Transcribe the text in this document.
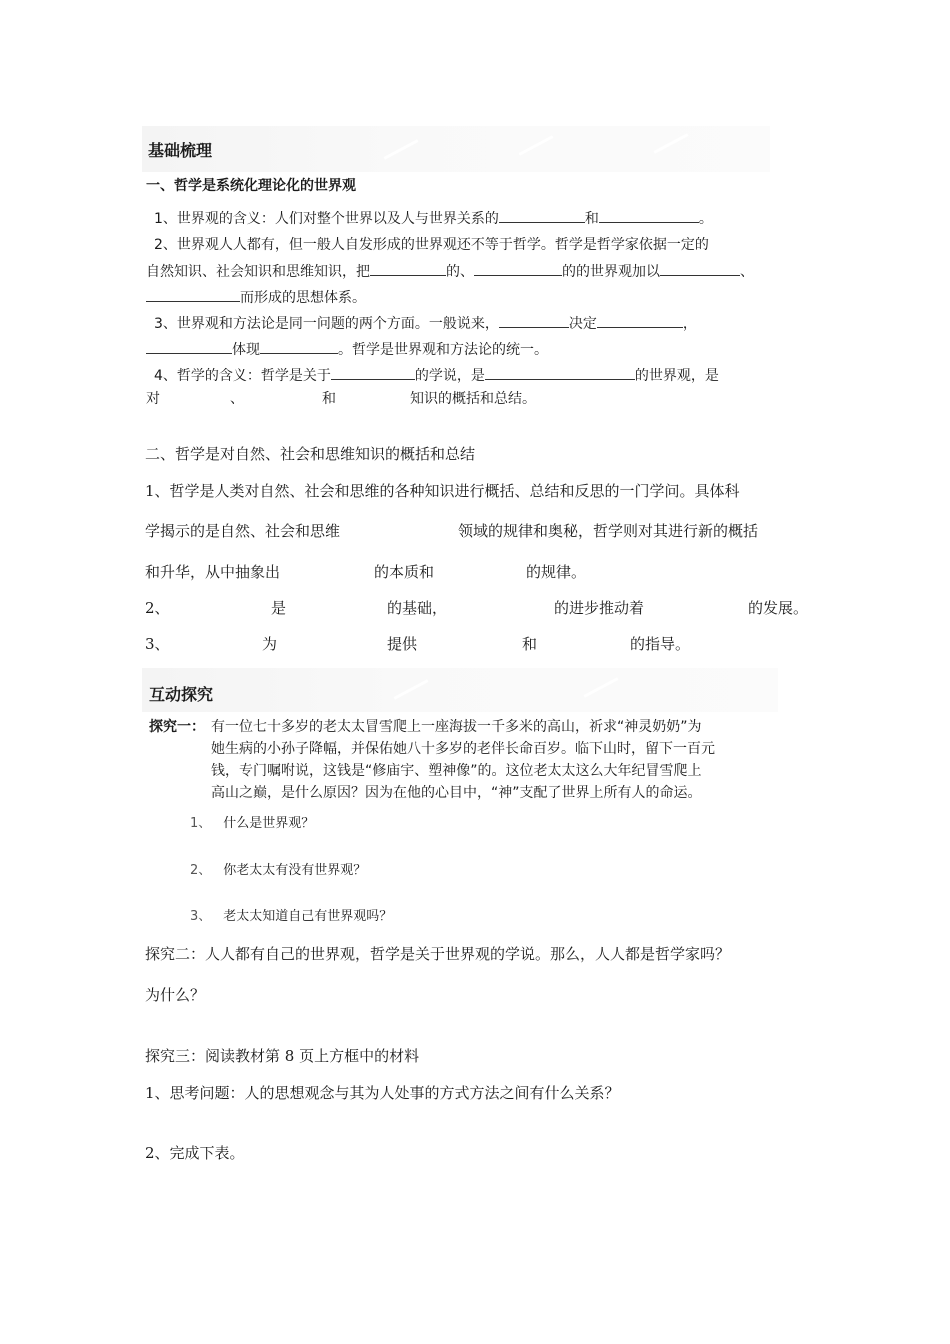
基础梳理
一、哲学是系统化理论化的世界观
1、世界观的含义：人们对整个世界以及人与世界关系的	和	。
2、世界观人人都有，但一般人自发形成的世界观还不等于哲学。哲学是哲学家依据一定的
自然知识、社会知识和思维知识，把	的、	的的世界观加以	、
而形成的思想体系。
3、世界观和方法论是同一问题的两个方面。一般说来，	决定	，
体现	。哲学是世界观和方法论的统一。
4、哲学的含义：哲学是关于	的学说，是	的世界观，是
对	、	和	知识的概括和总结。
二、哲学是对自然、社会和思维知识的概括和总结
1、哲学是人类对自然、社会和思维的各种知识进行概括、总结和反思的一门学问。具体科
学揭示的是自然、社会和思维	领域的规律和奥秘，哲学则对其进行新的概括
和升华，从中抽象出	的本质和	的规律。
2、	是	的基础，	的进步推动着	的发展。
3、	为	提供	和	的指导。
互动探究
探究一： 有一位七十多岁的老太太冒雪爬上一座海拔一千多米的高山，祈求“神灵奶奶”为
她生病的小孙子降幅，并保佑她八十多岁的老伴长命百岁。临下山时，留下一百元
钱，专门嘱咐说，这钱是“修庙宇、塑神像”的。这位老太太这么大年纪冒雪爬上
高山之巅，是什么原因？因为在他的心目中，“神”支配了世界上所有人的命运。
1、 什么是世界观？
2、 你老太太有没有世界观？
3、 老太太知道自己有世界观吗？
探究二：人人都有自己的世界观，哲学是关于世界观的学说。那么，人人都是哲学家吗？
为什么？
探究三：阅读教材第 8 页上方框中的材料
1、思考问题：人的思想观念与其为人处事的方式方法之间有什么关系？
2、完成下表。
